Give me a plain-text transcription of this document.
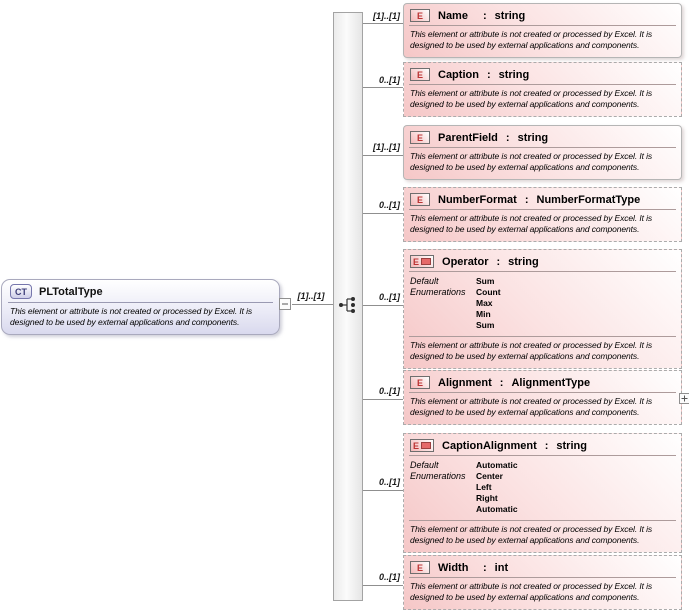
CT	PLTotalType
This element or attribute is not created or processed by Excel. It is designed to be used by external applications and components.
[1]..[1]
[1]..[1]
0..[1]
[1]..[1]
0..[1]
0..[1]
0..[1]
0..[1]
0..[1]
E	Name	: string
This element or attribute is not created or processed by Excel. It is designed to be used by external applications and components.
E	Caption : string
This element or attribute is not created or processed by Excel. It is designed to be used by external applications and components.
E	ParentField : string
This element or attribute is not created or processed by Excel. It is designed to be used by external applications and components.
E	NumberFormat : NumberFormatType
This element or attribute is not created or processed by Excel. It is designed to be used by external applications and components.
E Operator : string
Default
Enumerations
Sum
Count
Max
Min
Sum
This element or attribute is not created or processed by Excel. It is designed to be used by external applications and components.
E	Alignment : AlignmentType
This element or attribute is not created or processed by Excel. It is designed to be used by external applications and components.
E CaptionAlignment : string
Default
Enumerations
Automatic
Center
Left
Right
Automatic
This element or attribute is not created or processed by Excel. It is designed to be used by external applications and components.
E	Width	: int
This element or attribute is not created or processed by Excel. It is designed to be used by external applications and components.
